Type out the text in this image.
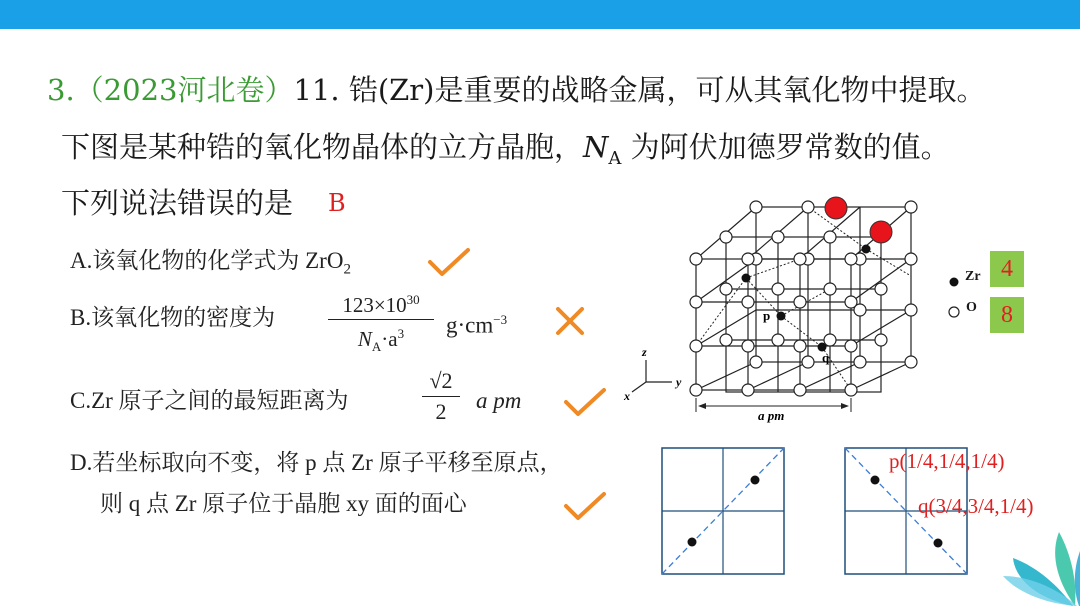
3.（2023河北卷）11. 锆(Zr)是重要的战略金属，可从其氧化物中提取。
下图是某种锆的氧化物晶体的立方晶胞，$N_A$ 为阿伏加德罗常数的值。
下列说法错误的是 B
A.该氧化物的化学式为 ZrO$_2$
B.该氧化物的密度为	$123\times 10^{30}$
$N_A\cdot a^3$	$g\cdot cm^{-3}$
C.Zr 原子之间的最短距离为
√2
2	a pm
D.若坐标取向不变，将 p 点 Zr 原子平移至原点，
则 q 点 Zr 原子位于晶胞 xy 面的面心
p
q
z
y
x
a pm
Zr
O
4
8
p(1/4,1/4,1/4)
q(3/4,3/4,1/4)
